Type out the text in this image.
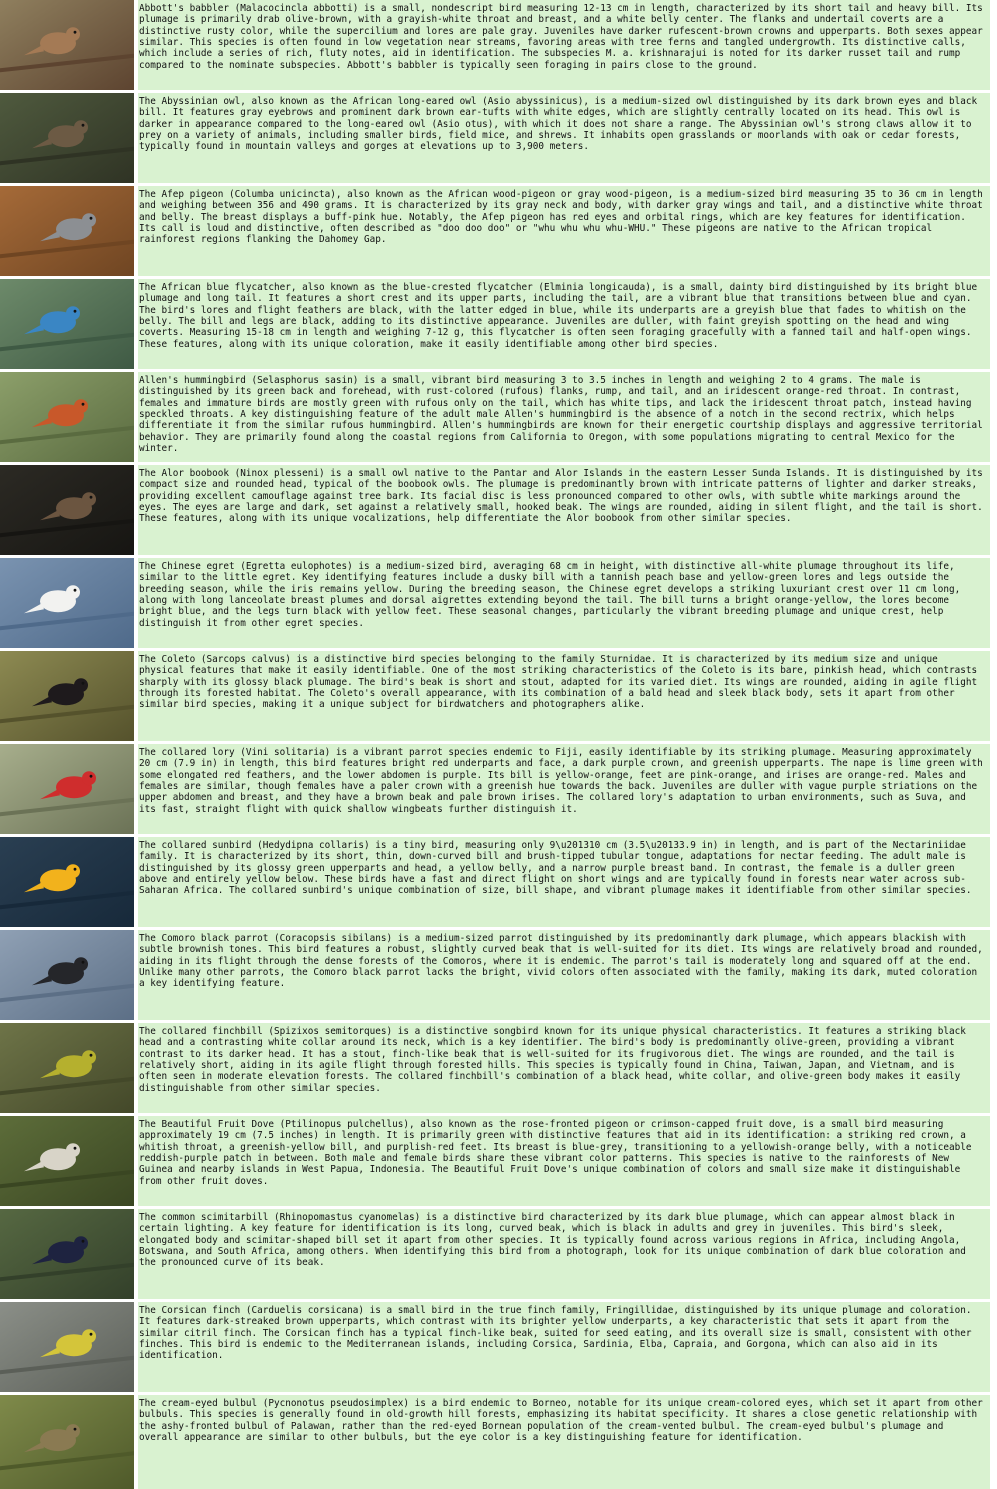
Abbott's babbler (Malacocincla abbotti) is a small, nondescript bird measuring 12-13 cm in length, characterized by its short tail and heavy bill. Its plumage is primarily drab olive-brown, with a grayish-white throat and breast, and a white belly center. The flanks and undertail coverts are a distinctive rusty color, while the supercilium and lores are pale gray. Juveniles have darker rufescent-brown crowns and upperparts. Both sexes appear similar. This species is often found in low vegetation near streams, favoring areas with tree ferns and tangled undergrowth. Its distinctive calls, which include a series of rich, fluty notes, aid in identification. The subspecies M. a. krishnarajui is noted for its darker russet tail and rump compared to the nominate subspecies. Abbott's babbler is typically seen foraging in pairs close to the ground.
The Abyssinian owl, also known as the African long-eared owl (Asio abyssinicus), is a medium-sized owl distinguished by its dark brown eyes and black bill. It features gray eyebrows and prominent dark brown ear-tufts with white edges, which are slightly centrally located on its head. This owl is darker in appearance compared to the long-eared owl (Asio otus), with which it does not share a range. The Abyssinian owl's strong claws allow it to prey on a variety of animals, including smaller birds, field mice, and shrews. It inhabits open grasslands or moorlands with oak or cedar forests, typically found in mountain valleys and gorges at elevations up to 3,900 meters.
The Afep pigeon (Columba unicincta), also known as the African wood-pigeon or gray wood-pigeon, is a medium-sized bird measuring 35 to 36 cm in length and weighing between 356 and 490 grams. It is characterized by its gray neck and body, with darker gray wings and tail, and a distinctive white throat and belly. The breast displays a buff-pink hue. Notably, the Afep pigeon has red eyes and orbital rings, which are key features for identification. Its call is loud and distinctive, often described as "doo doo doo" or "whu whu whu whu-WHU." These pigeons are native to the African tropical rainforest regions flanking the Dahomey Gap.
The African blue flycatcher, also known as the blue-crested flycatcher (Elminia longicauda), is a small, dainty bird distinguished by its bright blue plumage and long tail. It features a short crest and its upper parts, including the tail, are a vibrant blue that transitions between blue and cyan. The bird's lores and flight feathers are black, with the latter edged in blue, while its underparts are a greyish blue that fades to whitish on the belly. The bill and legs are black, adding to its distinctive appearance. Juveniles are duller, with faint greyish spotting on the head and wing coverts. Measuring 15-18 cm in length and weighing 7-12 g, this flycatcher is often seen foraging gracefully with a fanned tail and half-open wings. These features, along with its unique coloration, make it easily identifiable among other bird species.
Allen's hummingbird (Selasphorus sasin) is a small, vibrant bird measuring 3 to 3.5 inches in length and weighing 2 to 4 grams. The male is distinguished by its green back and forehead, with rust-colored (rufous) flanks, rump, and tail, and an iridescent orange-red throat. In contrast, females and immature birds are mostly green with rufous only on the tail, which has white tips, and lack the iridescent throat patch, instead having speckled throats. A key distinguishing feature of the adult male Allen's hummingbird is the absence of a notch in the second rectrix, which helps differentiate it from the similar rufous hummingbird. Allen's hummingbirds are known for their energetic courtship displays and aggressive territorial behavior. They are primarily found along the coastal regions from California to Oregon, with some populations migrating to central Mexico for the winter.
The Alor boobook (Ninox plesseni) is a small owl native to the Pantar and Alor Islands in the eastern Lesser Sunda Islands. It is distinguished by its compact size and rounded head, typical of the boobook owls. The plumage is predominantly brown with intricate patterns of lighter and darker streaks, providing excellent camouflage against tree bark. Its facial disc is less pronounced compared to other owls, with subtle white markings around the eyes. The eyes are large and dark, set against a relatively small, hooked beak. The wings are rounded, aiding in silent flight, and the tail is short. These features, along with its unique vocalizations, help differentiate the Alor boobook from other similar species.
The Chinese egret (Egretta eulophotes) is a medium-sized bird, averaging 68 cm in height, with distinctive all-white plumage throughout its life, similar to the little egret. Key identifying features include a dusky bill with a tannish peach base and yellow-green lores and legs outside the breeding season, while the iris remains yellow. During the breeding season, the Chinese egret develops a striking luxuriant crest over 11 cm long, along with long lanceolate breast plumes and dorsal aigrettes extending beyond the tail. The bill turns a bright orange-yellow, the lores become bright blue, and the legs turn black with yellow feet. These seasonal changes, particularly the vibrant breeding plumage and unique crest, help distinguish it from other egret species.
The Coleto (Sarcops calvus) is a distinctive bird species belonging to the family Sturnidae. It is characterized by its medium size and unique physical features that make it easily identifiable. One of the most striking characteristics of the Coleto is its bare, pinkish head, which contrasts sharply with its glossy black plumage. The bird's beak is short and stout, adapted for its varied diet. Its wings are rounded, aiding in agile flight through its forested habitat. The Coleto's overall appearance, with its combination of a bald head and sleek black body, sets it apart from other similar bird species, making it a unique subject for birdwatchers and photographers alike.
The collared lory (Vini solitaria) is a vibrant parrot species endemic to Fiji, easily identifiable by its striking plumage. Measuring approximately 20 cm (7.9 in) in length, this bird features bright red underparts and face, a dark purple crown, and greenish upperparts. The nape is lime green with some elongated red feathers, and the lower abdomen is purple. Its bill is yellow-orange, feet are pink-orange, and irises are orange-red. Males and females are similar, though females have a paler crown with a greenish hue towards the back. Juveniles are duller with vague purple striations on the upper abdomen and breast, and they have a brown beak and pale brown irises. The collared lory's adaptation to urban environments, such as Suva, and its fast, straight flight with quick shallow wingbeats further distinguish it.
The collared sunbird (Hedydipna collaris) is a tiny bird, measuring only 9\u201310 cm (3.5\u20133.9 in) in length, and is part of the Nectariniidae family. It is characterized by its short, thin, down-curved bill and brush-tipped tubular tongue, adaptations for nectar feeding. The adult male is distinguished by its glossy green upperparts and head, a yellow belly, and a narrow purple breast band. In contrast, the female is a duller green above and entirely yellow below. These birds have a fast and direct flight on short wings and are typically found in forests near water across sub-Saharan Africa. The collared sunbird's unique combination of size, bill shape, and vibrant plumage makes it identifiable from other similar species.
The Comoro black parrot (Coracopsis sibilans) is a medium-sized parrot distinguished by its predominantly dark plumage, which appears blackish with subtle brownish tones. This bird features a robust, slightly curved beak that is well-suited for its diet. Its wings are relatively broad and rounded, aiding in its flight through the dense forests of the Comoros, where it is endemic. The parrot's tail is moderately long and squared off at the end. Unlike many other parrots, the Comoro black parrot lacks the bright, vivid colors often associated with the family, making its dark, muted coloration a key identifying feature.
The collared finchbill (Spizixos semitorques) is a distinctive songbird known for its unique physical characteristics. It features a striking black head and a contrasting white collar around its neck, which is a key identifier. The bird's body is predominantly olive-green, providing a vibrant contrast to its darker head. It has a stout, finch-like beak that is well-suited for its frugivorous diet. The wings are rounded, and the tail is relatively short, aiding in its agile flight through forested hills. This species is typically found in China, Taiwan, Japan, and Vietnam, and is often seen in moderate elevation forests. The collared finchbill's combination of a black head, white collar, and olive-green body makes it easily distinguishable from other similar species.
The Beautiful Fruit Dove (Ptilinopus pulchellus), also known as the rose-fronted pigeon or crimson-capped fruit dove, is a small bird measuring approximately 19 cm (7.5 inches) in length. It is primarily green with distinctive features that aid in its identification: a striking red crown, a whitish throat, a greenish-yellow bill, and purplish-red feet. Its breast is blue-grey, transitioning to a yellowish-orange belly, with a noticeable reddish-purple patch in between. Both male and female birds share these vibrant color patterns. This species is native to the rainforests of New Guinea and nearby islands in West Papua, Indonesia. The Beautiful Fruit Dove's unique combination of colors and small size make it distinguishable from other fruit doves.
The common scimitarbill (Rhinopomastus cyanomelas) is a distinctive bird characterized by its dark blue plumage, which can appear almost black in certain lighting. A key feature for identification is its long, curved beak, which is black in adults and grey in juveniles. This bird's sleek, elongated body and scimitar-shaped bill set it apart from other species. It is typically found across various regions in Africa, including Angola, Botswana, and South Africa, among others. When identifying this bird from a photograph, look for its unique combination of dark blue coloration and the pronounced curve of its beak.
The Corsican finch (Carduelis corsicana) is a small bird in the true finch family, Fringillidae, distinguished by its unique plumage and coloration. It features dark-streaked brown upperparts, which contrast with its brighter yellow underparts, a key characteristic that sets it apart from the similar citril finch. The Corsican finch has a typical finch-like beak, suited for seed eating, and its overall size is small, consistent with other finches. This bird is endemic to the Mediterranean islands, including Corsica, Sardinia, Elba, Capraia, and Gorgona, which can also aid in its identification.
The cream-eyed bulbul (Pycnonotus pseudosimplex) is a bird endemic to Borneo, notable for its unique cream-colored eyes, which set it apart from other bulbuls. This species is generally found in old-growth hill forests, emphasizing its habitat specificity. It shares a close genetic relationship with the ashy-fronted bulbul of Palawan, rather than the red-eyed Bornean population of the cream-vented bulbul. The cream-eyed bulbul's plumage and overall appearance are similar to other bulbuls, but the eye color is a key distinguishing feature for identification.
